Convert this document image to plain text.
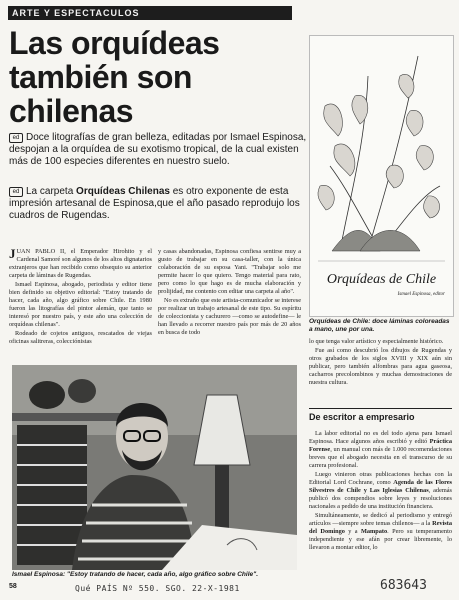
ARTE Y ESPECTACULOS
Las orquídeas
también son
chilenas
ed Doce litografías de gran belleza, editadas por Ismael Espinosa, despojan a la orquídea de su exotismo tropical, de la cual existen más de 100 especies diferentes en nuestro suelo.
ed La carpeta Orquídeas Chilenas es otro exponente de esta impresión artesanal de Espinosa,que el año pasado reprodujo los cuadros de Rugendas.

JUAN PABLO II, el Emperador Hirohito y el Cardenal Samoré son algunos de los altos dignatarios extranjeros que han recibido como obsequio su anterior carpeta de láminas de Rugendas.

Ismael Espinosa, abogado, periodista y editor tiene bien definido su objetivo editorial: "Estoy tratando de hacer, cada año, algo gráfico sobre Chile. En 1980 fueron las litografías del pintor alemán, que tanto se interesó por nuestro país, y este año una colección de orquídeas chilenas".

Rodeado de cojetos antiguos, rescatados de viejas oficinas salitreras, colecciónistas

y casas abandonadas, Espinosa confiesa sentirse muy a gusto de trabajar en su casa-taller, con la única colaboración de su esposa Yani. "Trabajar solo me permite hacer lo que quiero. Tengo material para rato, pero como lo que hago es de mucha elaboración y prolijidad, me contento con editar una carpeta al año".

No es extraño que este artista-comunicador se interese por realizar un trabajo artesanal de este tipo. Su espíritu de coleccionista y cachurero —como se autodefine— le han llevado a recorrer nuestro país por más de 20 años en busca de todo

Orquídeas de Chile
Ismael Espinosa, editor
Orquídeas de Chile: doce láminas coloreadas a mano, une por una.

lo que tenga valor artístico y especialmente histórico.

Fue así como descubrió los dibujos de Rugendas y otros grabados de los siglos XVIII y XIX aún sin publicar, pero también alfombras para agua gaseosa, cacharros precolombinos y muchas demostraciones de nuestra cultura.

De escritor a empresario

La labor editorial no es del todo ajena para Ismael Espinosa. Hace algunos años escribió y editó Práctica Forense, un manual con más de 1.000 recomendaciones breves que el abogado necesita en el transcurso de su carrera profesional.

Luego vinieron otras publicaciones hechas con la Editorial Lord Cochrane, como Agenda de las Flores Silvestres de Chile y Las Iglesias Chilenas, además publicó dos compendios sobre leyes y resoluciones nacionales a pedido de una institución financiera.

Simultáneamente, se dedicó al periodismo y entregó artículos —siempre sobre temas chilenos— a la Revista del Domingo y a Mampato. Pero su temperamento independiente y ese afán por crear libremente, lo llevaron a montar editor, lo

Ismael Espinosa: "Estoy tratando de hacer, cada año, algo gráfico sobre Chile".
58	Qué PAÍS Nº 550. SGO. 22-X-1981	683643
